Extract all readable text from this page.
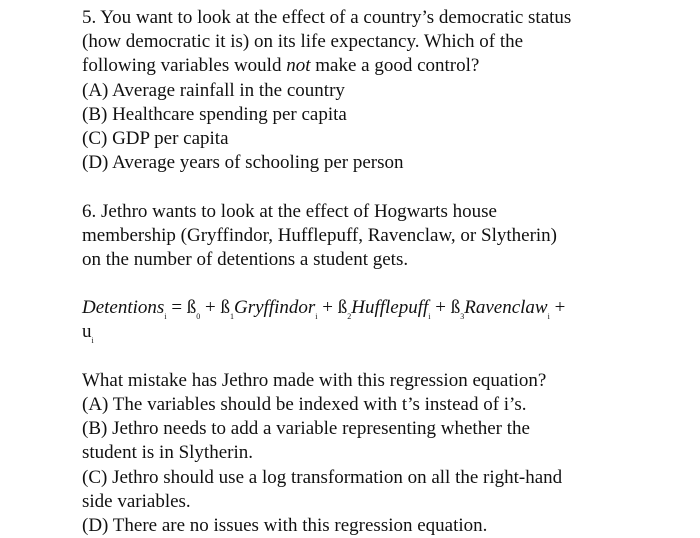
5. You want to look at the effect of a country’s democratic status
(how democratic it is) on its life expectancy. Which of the
following variables would not make a good control?
(A) Average rainfall in the country
(B) Healthcare spending per capita
(C) GDP per capita
(D) Average years of schooling per person
6. Jethro wants to look at the effect of Hogwarts house
membership (Gryffindor, Hufflepuff, Ravenclaw, or Slytherin)
on the number of detentions a student gets.
Detentions$_i$ = $ß_0$ + $ß_1Gryffindor_i$ + $ß_2Hufflepuff_i$ + $ß_3Ravenclaw_i$ +
$u_i$
What mistake has Jethro made with this regression equation?
(A) The variables should be indexed with t’s instead of i’s.
(B) Jethro needs to add a variable representing whether the
student is in Slytherin.
(C) Jethro should use a log transformation on all the right-hand
side variables.
(D) There are no issues with this regression equation.
